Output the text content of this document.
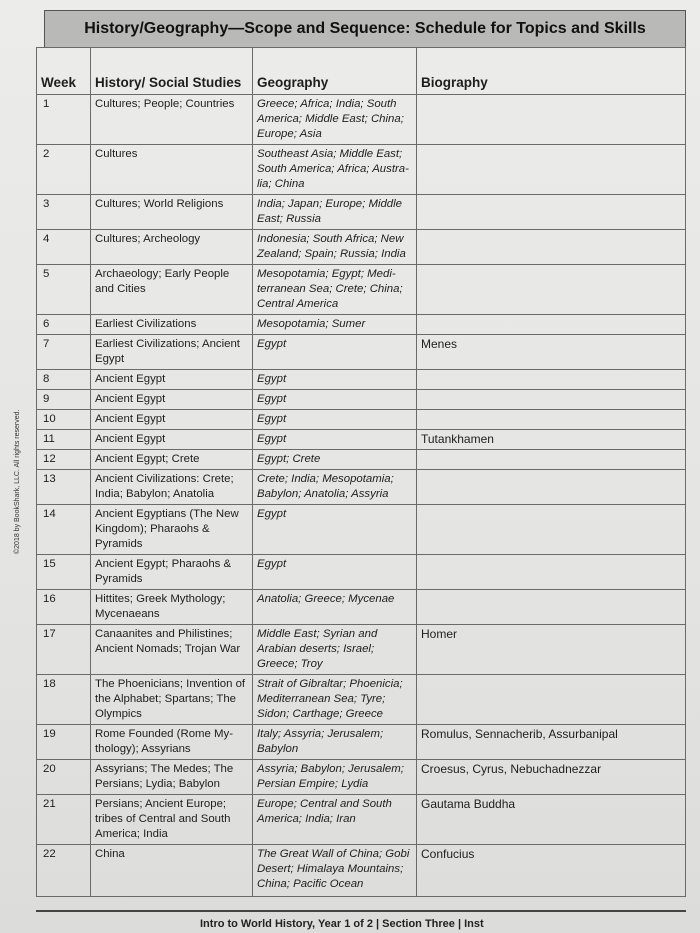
©2018 by BookShark, LLC. All rights reserved.
History/Geography—Scope and Sequence: Schedule for Topics and Skills
Week	History/ Social Studies	Geography	Biography
1	Cultures; People; Countries	Greece; Africa; India; South America; Middle East; China; Europe; Asia	
2	Cultures	Southeast Asia; Middle East; South America; Africa; Austra-lia; China	
3	Cultures; World Religions	India; Japan; Europe; Middle East; Russia	
4	Cultures; Archeology	Indonesia; South Africa; New Zealand; Spain; Russia; India	
5	Archaeology; Early People and Cities	Mesopotamia; Egypt; Medi-terranean Sea; Crete; China; Central America	
6	Earliest Civilizations	Mesopotamia; Sumer	
7	Earliest Civilizations; Ancient Egypt	Egypt	Menes
8	Ancient Egypt	Egypt	
9	Ancient Egypt	Egypt	
10	Ancient Egypt	Egypt	
11	Ancient Egypt	Egypt	Tutankhamen
12	Ancient Egypt; Crete	Egypt; Crete	
13	Ancient Civilizations: Crete; India; Babylon; Anatolia	Crete; India; Mesopotamia; Babylon; Anatolia; Assyria	
14	Ancient Egyptians (The New Kingdom); Pharaohs & Pyramids	Egypt	
15	Ancient Egypt; Pharaohs & Pyramids	Egypt	
16	Hittites; Greek Mythology; Mycenaeans	Anatolia; Greece; Mycenae	
17	Canaanites and Philistines; Ancient Nomads; Trojan War	Middle East; Syrian and Arabian deserts; Israel; Greece; Troy	Homer
18	The Phoenicians; Invention of the Alphabet; Spartans; The Olympics	Strait of Gibraltar; Phoenicia; Mediterranean Sea; Tyre; Sidon; Carthage; Greece	
19	Rome Founded (Rome My-thology); Assyrians	Italy; Assyria; Jerusalem; Babylon	Romulus, Sennacherib, Assurbanipal
20	Assyrians; The Medes; The Persians; Lydia; Babylon	Assyria; Babylon; Jerusalem; Persian Empire; Lydia	Croesus, Cyrus, Nebuchadnezzar
21	Persians; Ancient Europe; tribes of Central and South America; India	Europe; Central and South America; India; Iran	Gautama Buddha
22	China	The Great Wall of China; Gobi Desert; Himalaya Mountains; China; Pacific Ocean	Confucius
Intro to World History, Year 1 of 2 | Section Three | Inst
